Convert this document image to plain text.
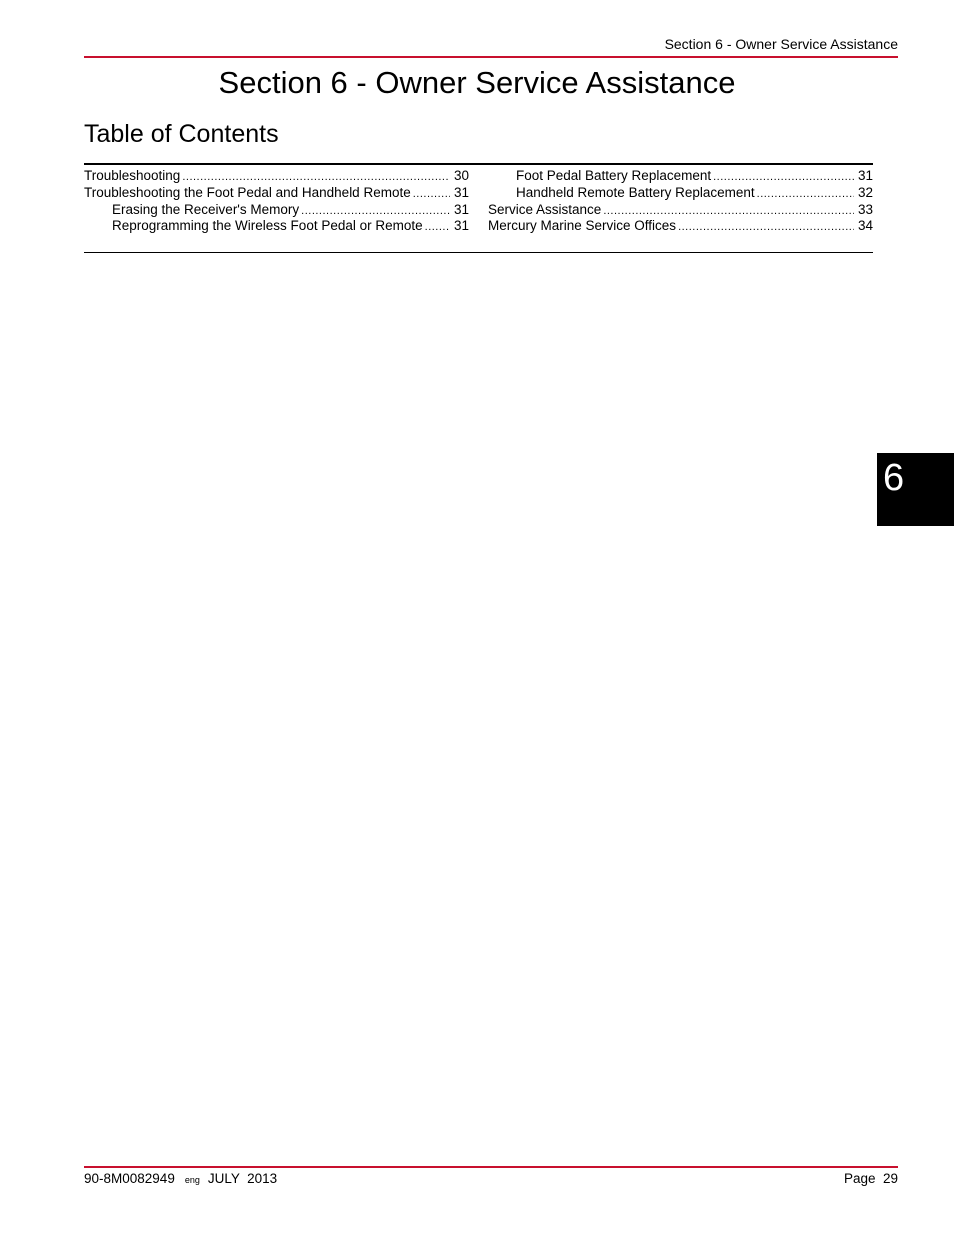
Section 6 - Owner Service Assistance
Section 6 - Owner Service Assistance
Table of Contents
Troubleshooting .....	30
Troubleshooting the Foot Pedal and Handheld Remote .....	31
Erasing the Receiver's Memory .....	31
Reprogramming the Wireless Foot Pedal or Remote ..... 31
Foot Pedal Battery Replacement .....	31
Handheld Remote Battery Replacement .....	32
Service Assistance .....	33
Mercury Marine Service Offices .....	34
6
90-8M0082949 eng JULY  2013	Page  29
